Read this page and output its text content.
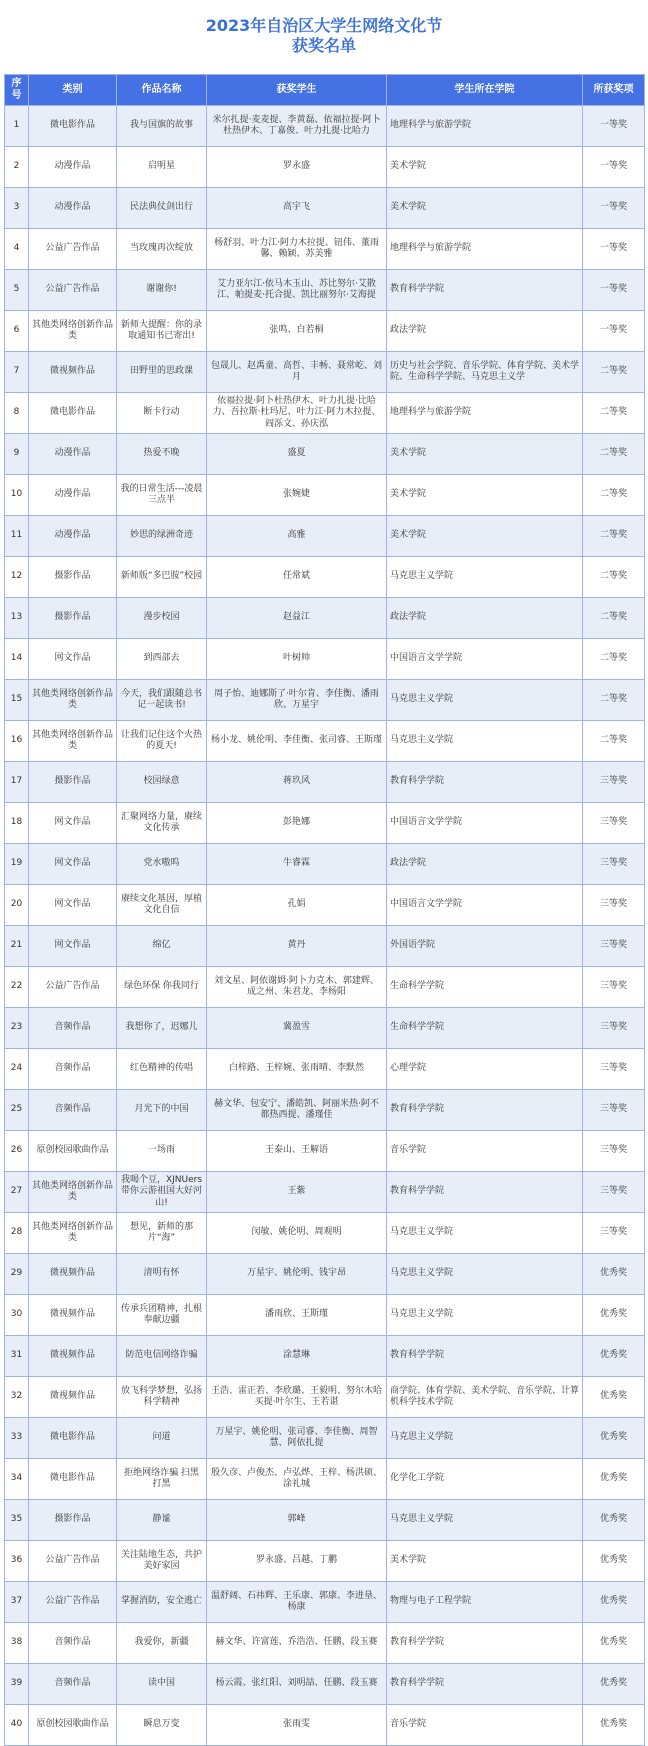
2023年自治区大学生网络文化节
获奖名单
序号	类别	作品名称	获奖学生	学生所在学院	所获奖项
1	微电影作品	我与国旗的故事	米尔扎提·麦麦提、李黄磊、依福拉提·阿卜杜热伊木、丁嘉俊、叶力扎提·比哈力	地理科学与旅游学院	一等奖
2	动漫作品	启明星	罗永盛	美术学院	一等奖
3	动漫作品	民法典仗剑出行	高宇飞	美术学院	一等奖
4	公益广告作品	当玫瑰再次绽放	杨舒羽、叶力江·阿力木拉提、钮伟、董雨馨、赖颖、苏美雅	地理科学与旅游学院	一等奖
5	公益广告作品	谢谢你!	艾力亚尔江·依马木玉山、苏比努尔·艾散江、帕提麦·托合提、凯比丽努尔·艾海提	教育科学学院	一等奖
6	其他类网络创新作品类	新师大提醒：你的录取通知书已寄出!	张鸣、白若桐	政法学院	一等奖
7	微视频作品	田野里的思政课	包晟儿、赵禹童、高哲、丰畅、聂常屹、刘月	历史与社会学院、音乐学院、体育学院、美术学院、生命科学学院、马克思主义学	二等奖
8	微电影作品	断卡行动	依福拉提·阿卜杜热伊木、叶力扎提·比哈力、吾拉斯·杜玛尼、叶力江·阿力木拉提、阎泺文、孙庆泓	地理科学与旅游学院	二等奖
9	动漫作品	热爱不晚	盛夏	美术学院	二等奖
10	动漫作品	我的日常生活---凌晨三点半	张婉婕	美术学院	二等奖
11	动漫作品	妙思的绿洲奇迹	高雅	美术学院	二等奖
12	摄影作品	新师版“多巴胺”校园	任常斌	马克思主义学院	二等奖
13	摄影作品	漫步校园	赵益江	政法学院	二等奖
14	网文作品	到西部去	叶树帅	中国语言文学学院	二等奖
15	其他类网络创新作品类	今天，我们跟随总书记一起读书!	周子怡、迪娜斯了·叶尔肯、李佳衡、潘雨欣、万星宇	马克思主义学院	二等奖
16	其他类网络创新作品类	让我们记住这个火热的夏天!	杨小龙、姚伦明、李佳衡、张司睿、王斯瑾	马克思主义学院	二等奖
17	摄影作品	校园绿意	蒋玖风	教育科学学院	三等奖
18	网文作品	汇聚网络力量，赓续文化传承	彭艳娜	中国语言文学学院	三等奖
19	网文作品	党水嗷呜	牛睿霖	政法学院	三等奖
20	网文作品	赓续文化基因，厚植文化自信	孔娟	中国语言文学学院	三等奖
21	网文作品	绵亿	黄丹	外国语学院	三等奖
22	公益广告作品	绿色环保 你我同行	刘文星、阿依谢姆·阿卜力克木、郭建辉、成之州、朱君龙、李杨阳	生命科学学院	三等奖
23	音频作品	我想你了，迟娜儿	冀盈雪	生命科学学院	三等奖
24	音频作品	红色精神的传唱	白梓路、王梓婉、张雨晴、李默然	心理学院	三等奖
25	音频作品	月光下的中国	赫文华、包安宁、潘皓凯、阿丽米热·阿不都热西提、潘瑾佳	教育科学学院	三等奖
26	原创校园歌曲作品	一场雨	王泰山、王解语	音乐学院	三等奖
27	其他类网络创新作品类	我喝个豆，XJNUers带你云游祖国大好河山!	王紫	教育科学学院	三等奖
28	其他类网络创新作品类	想见，新师的那片“海”	闵敏、姚伦明、周观明	马克思主义学院	三等奖
29	微视频作品	清明有怀	万星宇、姚伦明、钱宇昂	马克思主义学院	优秀奖
30	微视频作品	传承兵团精神，扎根奉献边疆	潘雨欣、王斯瑾	马克思主义学院	优秀奖
31	微视频作品	防范电信网络诈骗	涂慧琳	教育科学学院	优秀奖
32	微视频作品	放飞科学梦想，弘扬科学精神	王浩、雷正若、李欣璐、王毅明、努尔木哈买提·叶尔生、王若谌	商学院、体育学院、美术学院、音乐学院、计算机科学技术学院	优秀奖
33	微电影作品	问道	万星宇、姚伦明、张司睿、李佳衡、周智慧、阿依扎提	马克思主义学院	优秀奖
34	微电影作品	拒绝网络诈骗 扫黑打黑	殷久彦、卢俊杰、卢弘烨、王梓、杨洪硕、涂礼城	化学化工学院	优秀奖
35	摄影作品	静谧	郭峰	马克思主义学院	优秀奖
36	公益广告作品	关注陆地生态，共护美好家园	罗永盛、吕越、丁鹏	美术学院	优秀奖
37	公益广告作品	掌握消防，安全逃亡	温舒阔、石祎辉、王乐康、郭康、李进垦、杨康	物理与电子工程学院	优秀奖
38	音频作品	我爱你，新疆	赫文华、许富莲、乔浩浩、任鹏、段玉赛	教育科学学院	优秀奖
39	音频作品	读中国	杨云霞、张红阳、刘明喆、任鹏、段玉赛	教育科学学院	优秀奖
40	原创校园歌曲作品	瞬息万变	张雨雯	音乐学院	优秀奖
